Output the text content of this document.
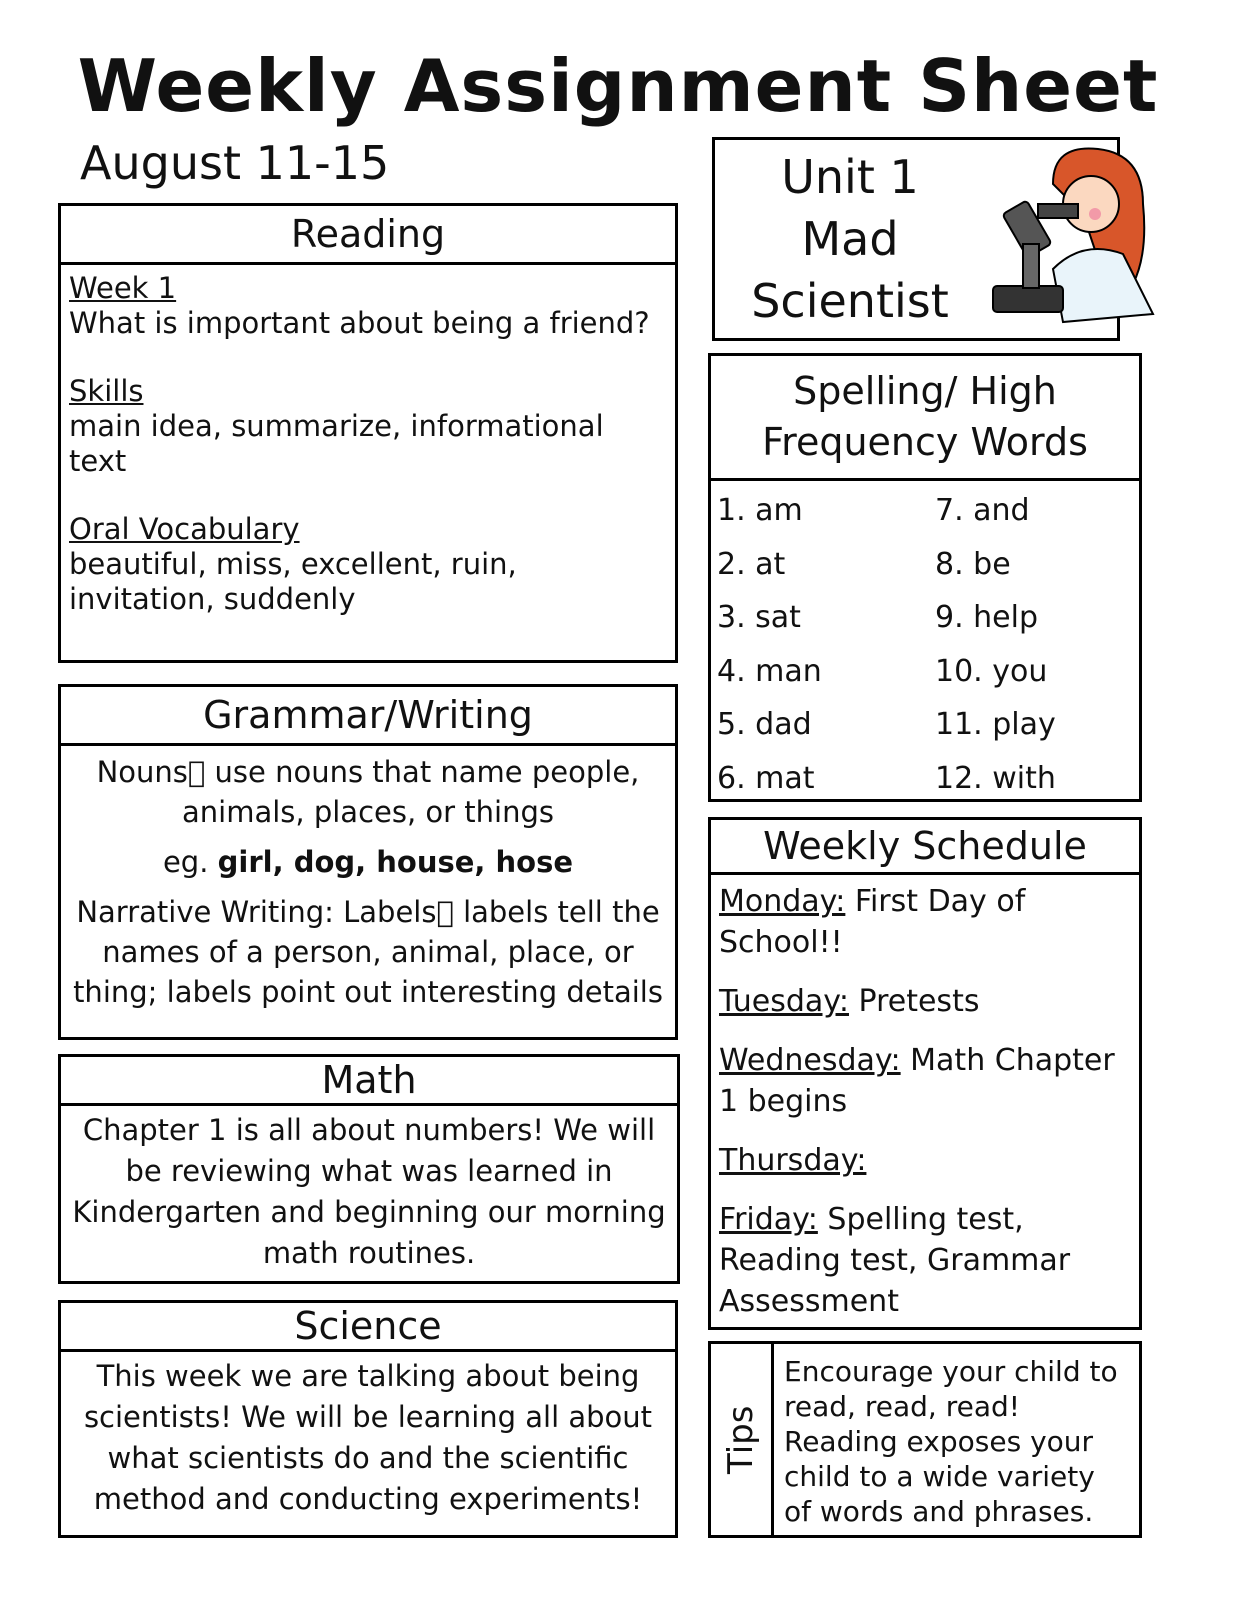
Weekly Assignment Sheet
August 11-15
Reading
Week 1
What is important about being a friend?
Skills
main idea, summarize, informational text
Oral Vocabulary
beautiful, miss, excellent, ruin, invitation, suddenly
Grammar/Writing
Nouns  use nouns that name people, animals, places, or things
eg. girl, dog, house, hose
Narrative Writing: Labels  labels tell the names of a person, animal, place, or thing; labels point out interesting details
Math
Chapter 1 is all about numbers! We will be reviewing what was learned in Kindergarten and beginning our morning math routines.
Science
This week we are talking about being scientists! We will be learning all about what scientists do and the scientific method and conducting experiments!
Unit 1
Mad
Scientist
Spelling/ High
Frequency Words
1. am	7. and
2. at	8. be
3. sat	9. help
4. man	10. you
5. dad	11. play
6. mat	12. with
Weekly Schedule

Monday: First Day of School!!

Tuesday: Pretests

Wednesday: Math Chapter 1 begins

Thursday:

Friday: Spelling test, Reading test, Grammar Assessment

Tips
Encourage your child to read, read, read! Reading exposes your child to a wide variety of words and phrases.
